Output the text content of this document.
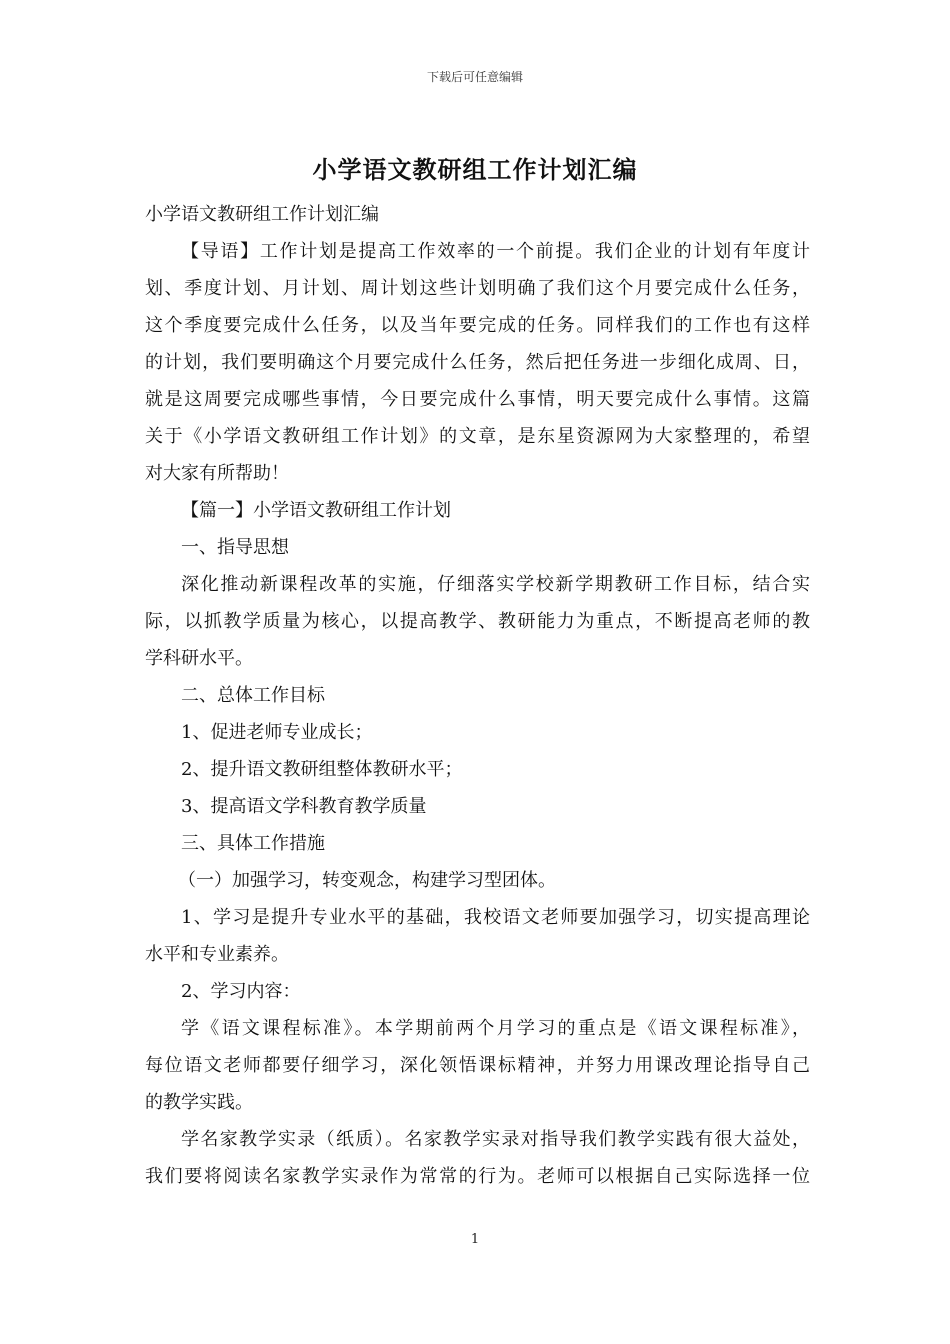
下载后可任意编辑
小学语文教研组工作计划汇编
小学语文教研组工作计划汇编
【导语】工作计划是提高工作效率的一个前提。我们企业的计划有年度计
划、季度计划、月计划、周计划这些计划明确了我们这个月要完成什么任务，
这个季度要完成什么任务，以及当年要完成的任务。同样我们的工作也有这样
的计划，我们要明确这个月要完成什么任务，然后把任务进一步细化成周、日，
就是这周要完成哪些事情，今日要完成什么事情，明天要完成什么事情。这篇
关于《小学语文教研组工作计划》的文章，是东星资源网为大家整理的，希望
对大家有所帮助！
【篇一】小学语文教研组工作计划
一、指导思想
深化推动新课程改革的实施，仔细落实学校新学期教研工作目标，结合实
际，以抓教学质量为核心，以提高教学、教研能力为重点，不断提高老师的教
学科研水平。
二、总体工作目标
1、促进老师专业成长；
2、提升语文教研组整体教研水平；
3、提高语文学科教育教学质量
三、具体工作措施
（一）加强学习，转变观念，构建学习型团体。
1、学习是提升专业水平的基础，我校语文老师要加强学习，切实提高理论
水平和专业素养。
2、学习内容：
学《语文课程标准》。本学期前两个月学习的重点是《语文课程标准》，
每位语文老师都要仔细学习，深化领悟课标精神，并努力用课改理论指导自己
的教学实践。
学名家教学实录（纸质）。名家教学实录对指导我们教学实践有很大益处，
我们要将阅读名家教学实录作为常常的行为。老师可以根据自己实际选择一位
1
